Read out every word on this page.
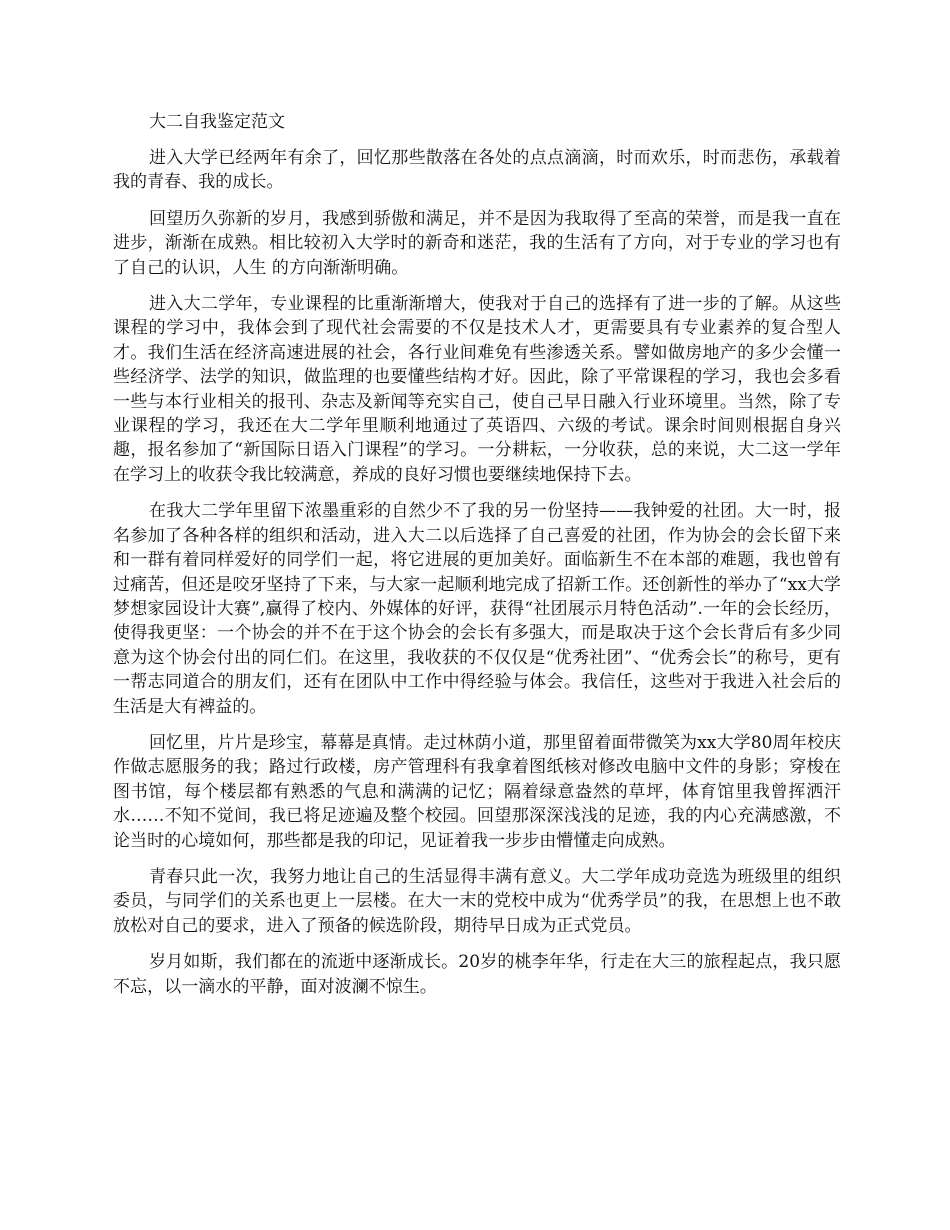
大二自我鉴定范文

进入大学已经两年有余了，回忆那些散落在各处的点点滴滴，时而欢乐，时而悲伤，承载着我的青春、我的成长。

回望历久弥新的岁月，我感到骄傲和满足，并不是因为我取得了至高的荣誉，而是我一直在进步，渐渐在成熟。相比较初入大学时的新奇和迷茫，我的生活有了方向，对于专业的学习也有了自己的认识，人生 的方向渐渐明确。

进入大二学年，专业课程的比重渐渐增大，使我对于自己的选择有了进一步的了解。从这些课程的学习中，我体会到了现代社会需要的不仅是技术人才，更需要具有专业素养的复合型人才。我们生活在经济高速进展的社会，各行业间难免有些渗透关系。譬如做房地产的多少会懂一些经济学、法学的知识，做监理的也要懂些结构才好。因此，除了平常课程的学习，我也会多看一些与本行业相关的报刊、杂志及新闻等充实自己，使自己早日融入行业环境里。当然，除了专业课程的学习，我还在大二学年里顺利地通过了英语四、六级的考试。课余时间则根据自身兴趣，报名参加了“新国际日语入门课程”的学习。一分耕耘，一分收获，总的来说，大二这一学年在学习上的收获令我比较满意，养成的良好习惯也要继续地保持下去。

在我大二学年里留下浓墨重彩的自然少不了我的另一份坚持——我钟爱的社团。大一时，报名参加了各种各样的组织和活动，进入大二以后选择了自己喜爱的社团，作为协会的会长留下来和一群有着同样爱好的同学们一起，将它进展的更加美好。面临新生不在本部的难题，我也曾有过痛苦，但还是咬牙坚持了下来，与大家一起顺利地完成了招新工作。还创新性的举办了“xx大学梦想家园设计大赛”,赢得了校内、外媒体的好评，获得“社团展示月特色活动”.一年的会长经历，使得我更坚：一个协会的并不在于这个协会的会长有多强大，而是取决于这个会长背后有多少同意为这个协会付出的同仁们。在这里，我收获的不仅仅是“优秀社团”、“优秀会长”的称号，更有一帮志同道合的朋友们，还有在团队中工作中得经验与体会。我信任，这些对于我进入社会后的生活是大有裨益的。

回忆里，片片是珍宝，幕幕是真情。走过林荫小道，那里留着面带微笑为xx大学80周年校庆作做志愿服务的我；路过行政楼，房产管理科有我拿着图纸核对修改电脑中文件的身影；穿梭在图书馆，每个楼层都有熟悉的气息和满满的记忆；隔着绿意盎然的草坪，体育馆里我曾挥洒汗水……不知不觉间，我已将足迹遍及整个校园。回望那深深浅浅的足迹，我的内心充满感激，不论当时的心境如何，那些都是我的印记，见证着我一步步由懵懂走向成熟。

青春只此一次，我努力地让自己的生活显得丰满有意义。大二学年成功竞选为班级里的组织委员，与同学们的关系也更上一层楼。在大一末的党校中成为“优秀学员”的我，在思想上也不敢放松对自己的要求，进入了预备的候选阶段，期待早日成为正式党员。

岁月如斯，我们都在的流逝中逐渐成长。20岁的桃李年华，行走在大三的旅程起点，我只愿不忘，以一滴水的平静，面对波澜不惊生。
